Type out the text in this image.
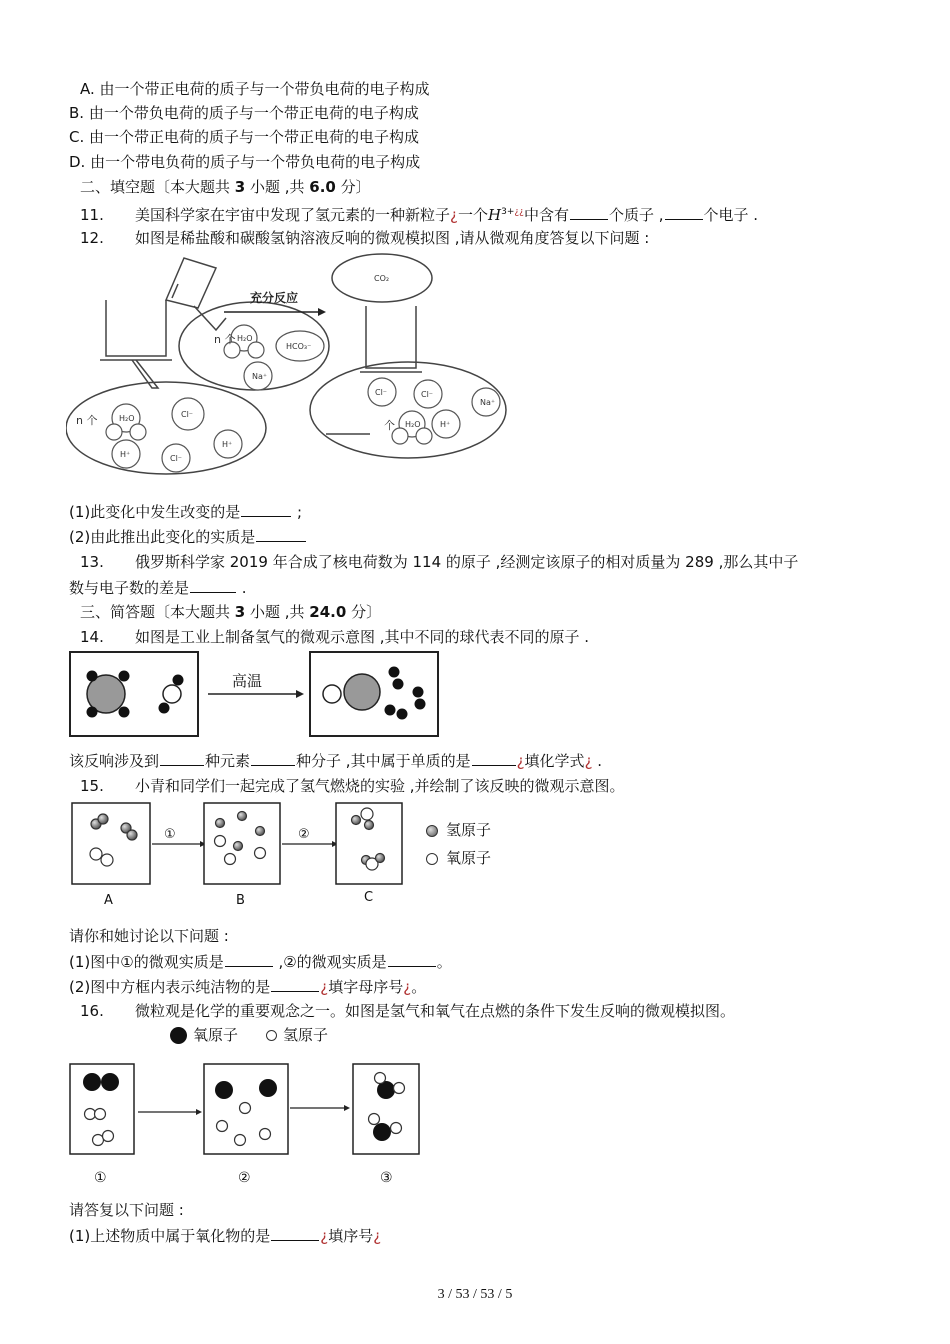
A. 由一个带正电荷的质子与一个带负电荷的电子构成
B. 由一个带负电荷的质子与一个带正电荷的电子构成
C. 由一个带正电荷的质子与一个带正电荷的电子构成
D. 由一个带电负荷的质子与一个带负电荷的电子构成
二、填空题〔本大题共 3 小题 ,共 6.0 分〕
11. 美国科学家在宇宙中发现了氢元素的一种新粒子¿一个$H^{3+¿¿}$中含有	个质子 ,	个电子 .
12. 如图是稀盐酸和碳酸氢钠溶液反响的微观模拟图 ,请从微观角度答复以下问题 :
充分反应
H₂O
HCO₃⁻
Na⁺
H₂O	Cl⁻
H⁺
H⁺	Cl⁻
CO₂
Cl⁻	Cl⁻
Na⁺
H₂O H⁺
n 个
n 个	个
(1)此变化中发生改变的是	;
(2)由此推出此变化的实质是
13. 俄罗斯科学家 2019 年合成了核电荷数为 114 的原子 ,经测定该原子的相对质量为 289 ,那么其中子
数与电子数的差是	.
三、简答题〔本大题共 3 小题 ,共 24.0 分〕
14. 如图是工业上制备氢气的微观示意图 ,其中不同的球代表不同的原子 .
高温
该反响涉及到	种元素	种分子 ,其中属于单质的是	¿填化学式¿ .
15. 小青和同学们一起完成了氢气燃烧的实验 ,并绘制了该反映的微观示意图。
①	②
A	B	C
氢原子
氧原子
请你和她讨论以下问题 :
(1)图中①的微观实质是	,②的微观实质是	。
(2)图中方框内表示纯洁物的是	¿填字母序号¿。
16. 微粒观是化学的重要观念之一。如图是氢气和氧气在点燃的条件下发生反响的微观模拟图。
氧原子	氢原子
①	②	③
请答复以下问题 :
(1)上述物质中属于氧化物的是	¿填序号¿
3 / 53 / 53 / 5
